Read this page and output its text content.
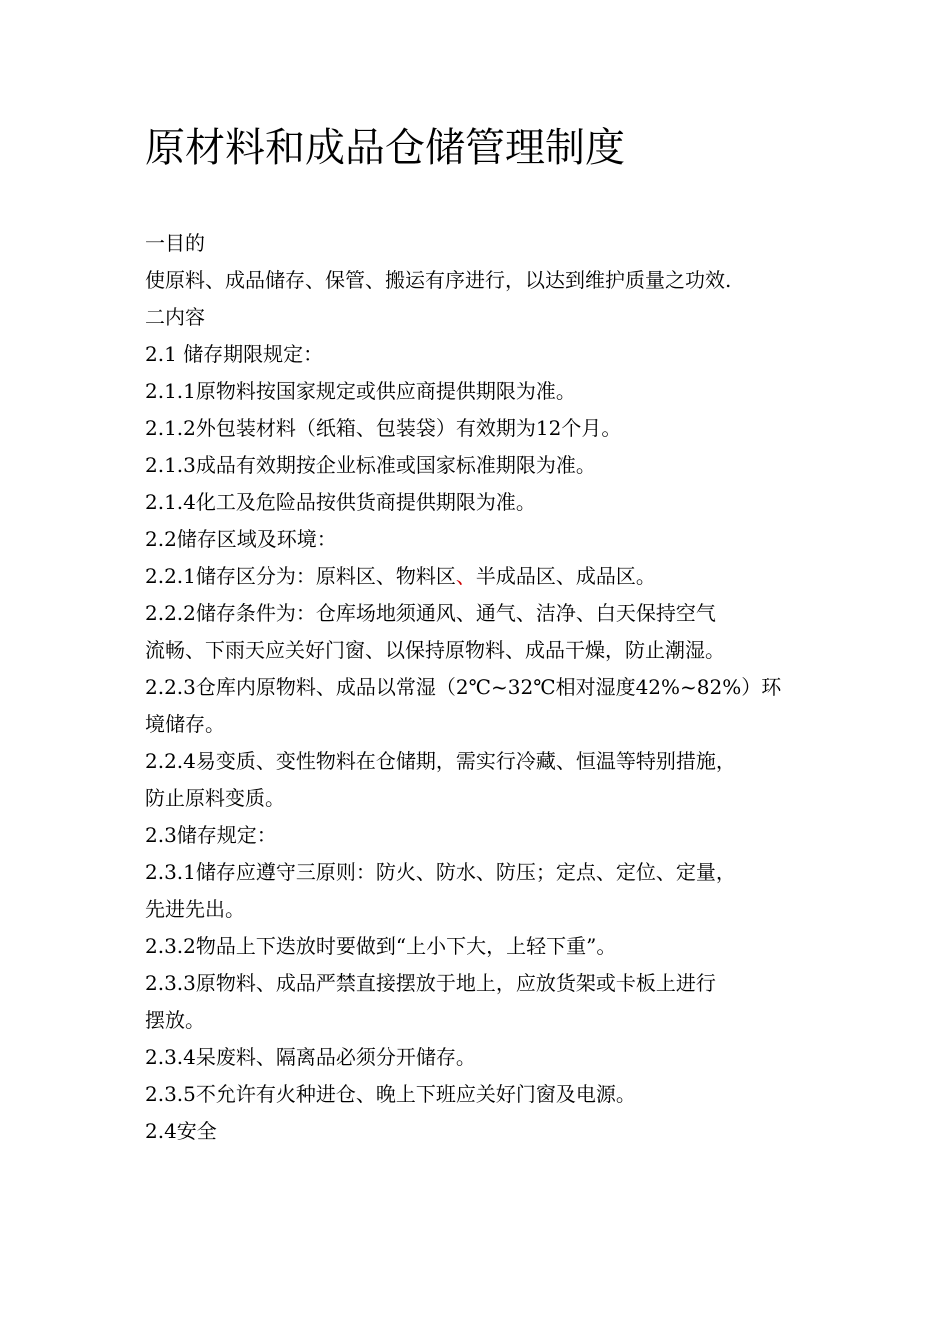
原材料和成品仓储管理制度

一目的

使原料、成品储存、保管、搬运有序进行，以达到维护质量之功效.

二内容

2.1 储存期限规定：

2.1.1原物料按国家规定或供应商提供期限为准。

2.1.2外包装材料（纸箱、包装袋）有效期为12个月。

2.1.3成品有效期按企业标准或国家标准期限为准。

2.1.4化工及危险品按供货商提供期限为准。

2.2储存区域及环境：

2.2.1储存区分为：原料区、物料区、半成品区、成品区。

2.2.2储存条件为：仓库场地须通风、通气、洁净、白天保持空气

流畅、下雨天应关好门窗、以保持原物料、成品干燥，防止潮湿。

2.2.3仓库内原物料、成品以常湿（2℃~32℃相对湿度42%~82%）环

境储存。

2.2.4易变质、变性物料在仓储期，需实行冷藏、恒温等特别措施，

防止原料变质。

2.3储存规定：

2.3.1储存应遵守三原则：防火、防水、防压；定点、定位、定量，

先进先出。

2.3.2物品上下迭放时要做到“上小下大，上轻下重”。

2.3.3原物料、成品严禁直接摆放于地上，应放货架或卡板上进行

摆放。

2.3.4呆废料、隔离品必须分开储存。

2.3.5不允许有火种进仓、晚上下班应关好门窗及电源。

2.4安全
